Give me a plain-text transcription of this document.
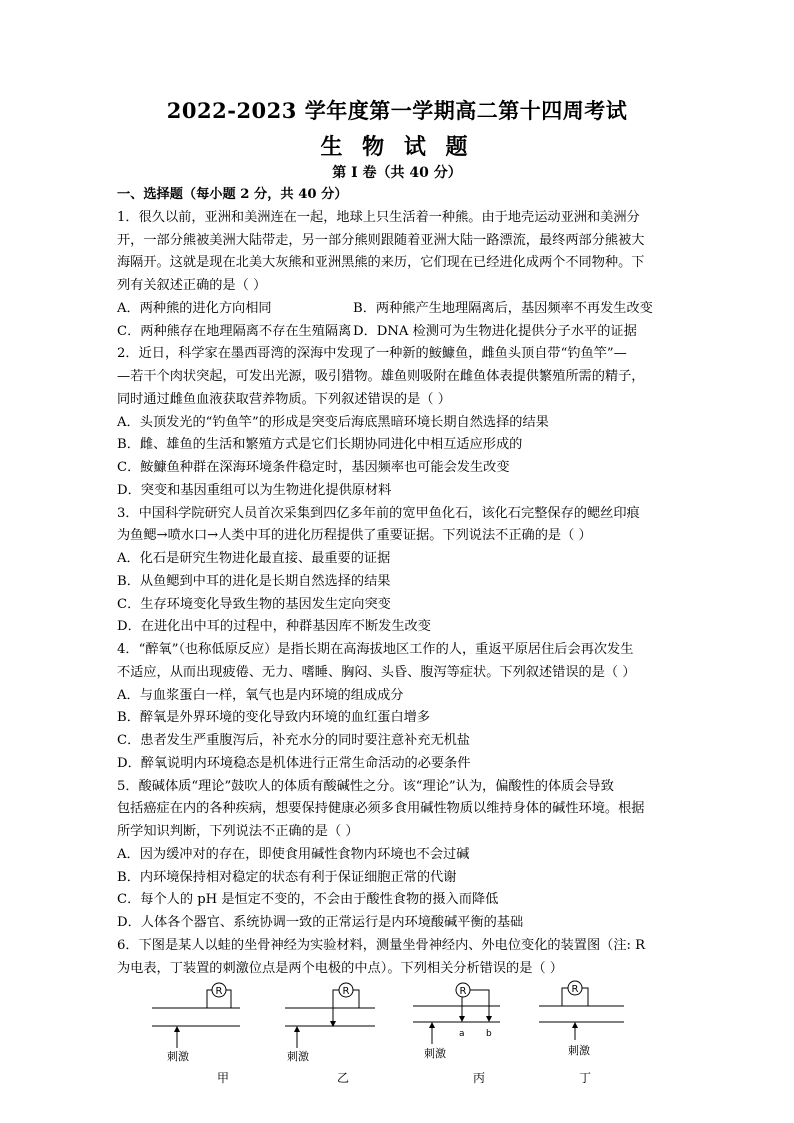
2022-2023 学年度第一学期高二第十四周考试
生 物 试 题
第 I 卷（共 40 分）

一、选择题（每小题 2 分，共 40 分）

1．很久以前，亚洲和美洲连在一起，地球上只生活着一种熊。由于地壳运动亚洲和美洲分

开，一部分熊被美洲大陆带走，另一部分熊则跟随着亚洲大陆一路漂流，最终两部分熊被大

海隔开。这就是现在北美大灰熊和亚洲黑熊的来历，它们现在已经进化成两个不同物种。下

列有关叙述正确的是（ ）

A．两种熊的进化方向相同	B．两种熊产生地理隔离后，基因频率不再发生改变

C．两种熊存在地理隔离不存在生殖隔离 D．DNA 检测可为生物进化提供分子水平的证据

2．近日，科学家在墨西哥湾的深海中发现了一种新的鮟鱇鱼，雌鱼头顶自带“钓鱼竿”—

—若干个肉状突起，可发出光源，吸引猎物。雄鱼则吸附在雌鱼体表提供繁殖所需的精子，

同时通过雌鱼血液获取营养物质。下列叙述错误的是（ ）

A．头顶发光的“钓鱼竿”的形成是突变后海底黑暗环境长期自然选择的结果

B．雌、雄鱼的生活和繁殖方式是它们长期协同进化中相互适应形成的

C．鮟鱇鱼种群在深海环境条件稳定时，基因频率也可能会发生改变

D．突变和基因重组可以为生物进化提供原材料

3．中国科学院研究人员首次采集到四亿多年前的宽甲鱼化石，该化石完整保存的鳃丝印痕

为鱼鳃→喷水口→人类中耳的进化历程提供了重要证据。下列说法不正确的是（ ）

A．化石是研究生物进化最直接、最重要的证据

B．从鱼鳃到中耳的进化是长期自然选择的结果

C．生存环境变化导致生物的基因发生定向突变

D．在进化出中耳的过程中，种群基因库不断发生改变

4．“醉氧”（也称低原反应）是指长期在高海拔地区工作的人，重返平原居住后会再次发生

不适应，从而出现疲倦、无力、嗜睡、胸闷、头昏、腹泻等症状。下列叙述错误的是（ ）

A．与血浆蛋白一样，氧气也是内环境的组成成分

B．醉氧是外界环境的变化导致内环境的血红蛋白增多

C．患者发生严重腹泻后，补充水分的同时要注意补充无机盐

D．醉氧说明内环境稳态是机体进行正常生命活动的必要条件

5．酸碱体质“理论”鼓吹人的体质有酸碱性之分。该“理论”认为，偏酸性的体质会导致

包括癌症在内的各种疾病，想要保持健康必须多食用碱性物质以维持身体的碱性环境。根据

所学知识判断，下列说法不正确的是（ ）

A．因为缓冲对的存在，即使食用碱性食物内环境也不会过碱

B．内环境保持相对稳定的状态有利于保证细胞正常的代谢

C．每个人的 pH 是恒定不变的，不会由于酸性食物的摄入而降低

D．人体各个器官、系统协调一致的正常运行是内环境酸碱平衡的基础

6．下图是某人以蛙的坐骨神经为实验材料，测量坐骨神经内、外电位变化的装置图（注: R

为电表，丁装置的刺激位点是两个电极的中点）。下列相关分析错误的是（ ）

R
刺激
甲
R
刺激
乙
R
a b
刺激
丙
R
刺激
丁
